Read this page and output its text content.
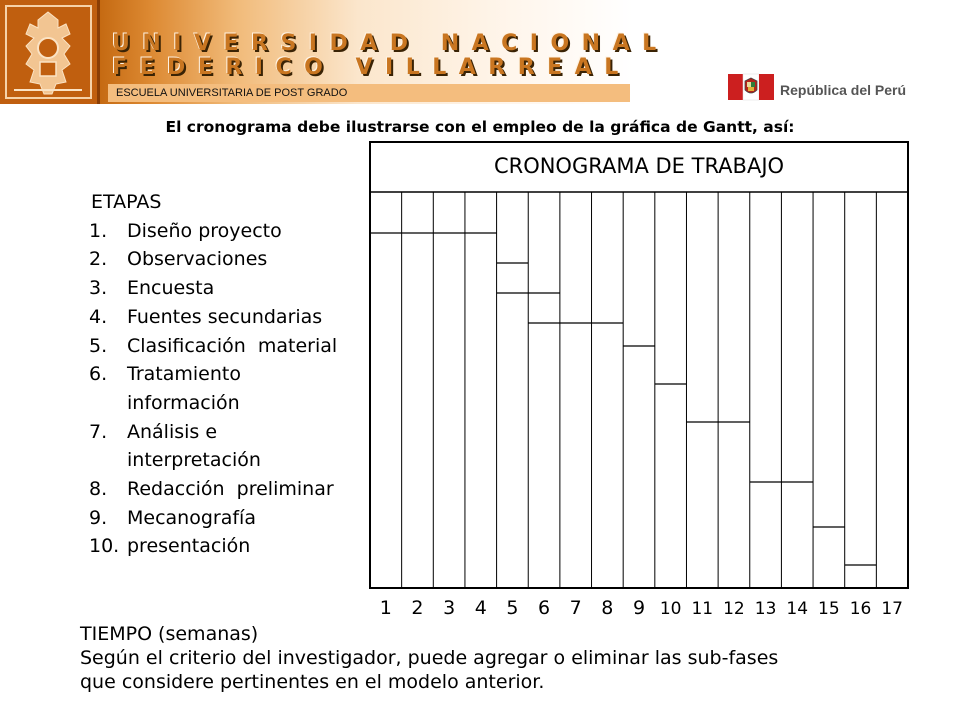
UNIVERSIDAD NACIONAL
FEDERICO VILLARREAL
ESCUELA UNIVERSITARIA DE POST GRADO	República del Perú
El cronograma debe ilustrarse con el empleo de la gráfica de Gantt, así:
ETAPAS
1. Diseño proyecto
2. Observaciones
3. Encuesta
4. Fuentes secundarias
5. Clasificación  material
6. Tratamiento
información
7. Análisis e
interpretación
8. Redacción  preliminar
9. Mecanografía
10. presentación
1 2 3 4 5 6 7 8 9 10 11 12 13 14 15 16 17
CRONOGRAMA DE TRABAJO
TIEMPO (semanas)
Según el criterio del investigador, puede agregar o eliminar las sub-fases
que considere pertinentes en el modelo anterior.
